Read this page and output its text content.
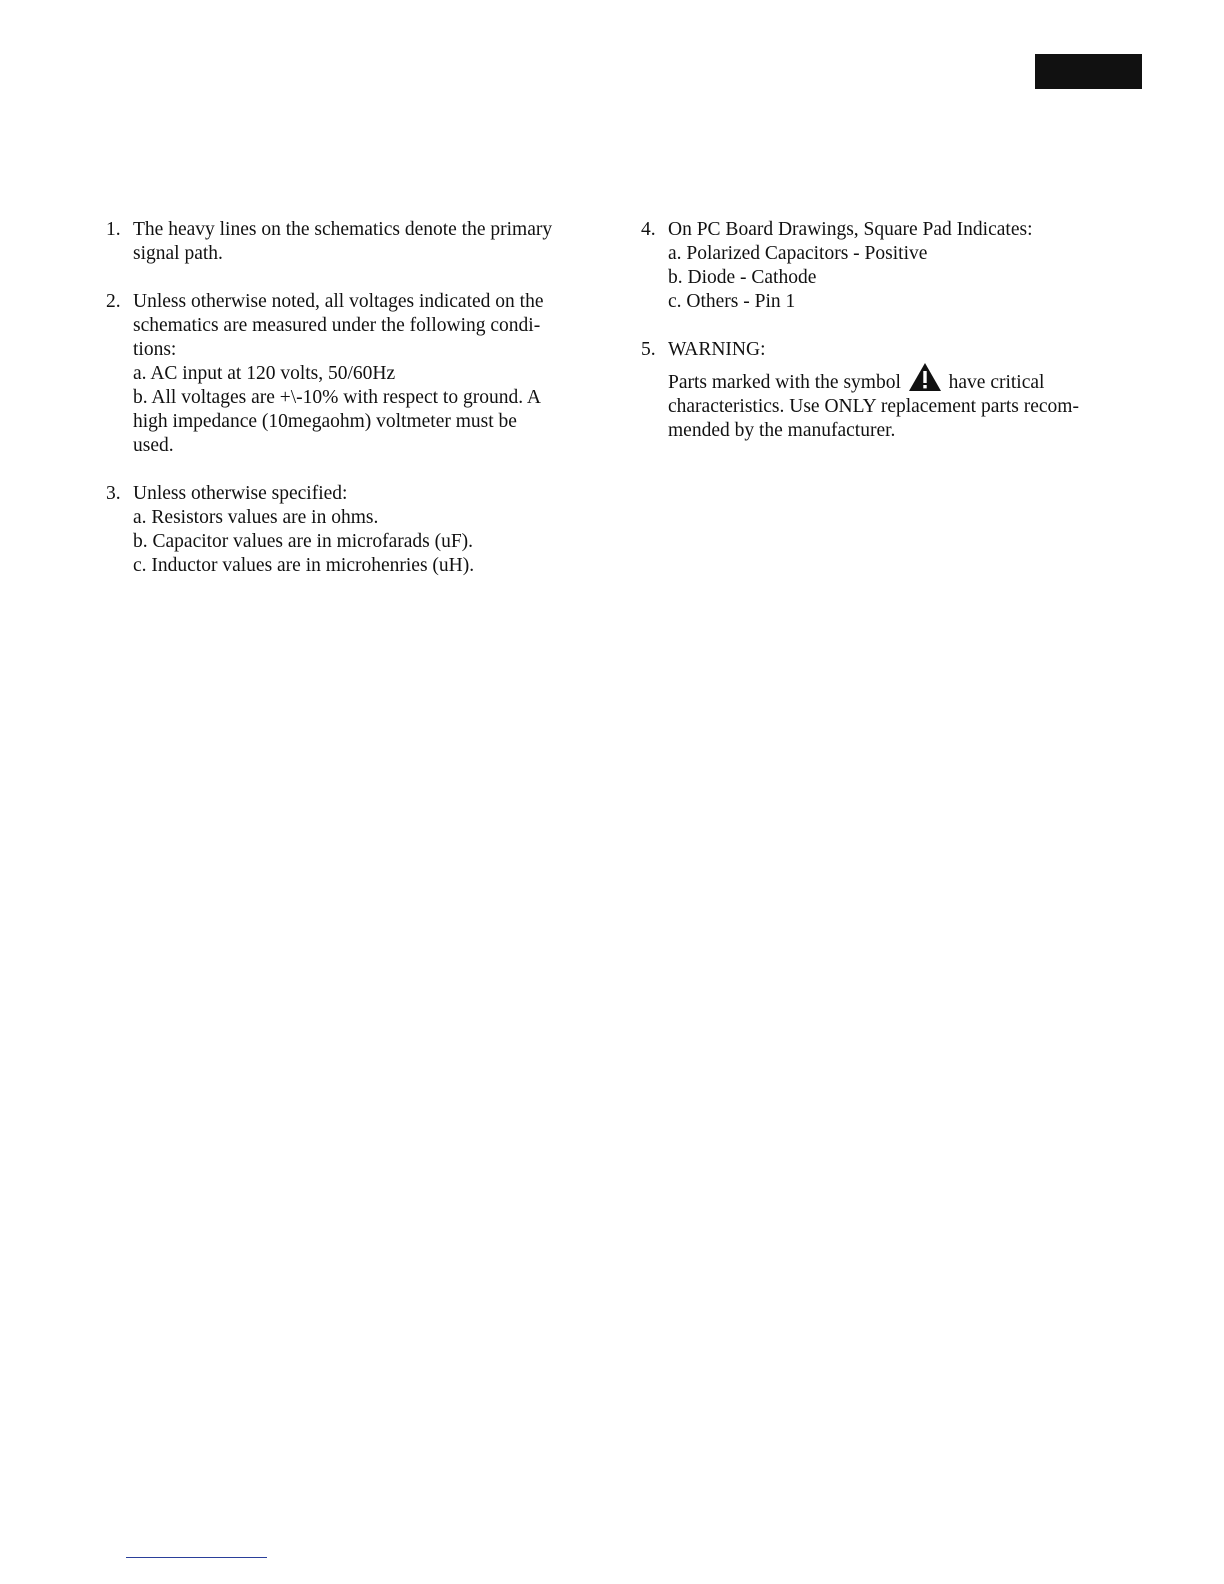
1. The heavy lines on the schematics denote the primary
signal path.
2. Unless otherwise noted, all voltages indicated on the
schematics are measured under the following condi-
tions:
a. AC input at 120 volts, 50/60Hz
b. All voltages are +\-10% with respect to ground. A
high impedance (10megaohm) voltmeter must be
used.
3. Unless otherwise specified:
a. Resistors values are in ohms.
b. Capacitor values are in microfarads (uF).
c. Inductor values are in microhenries (uH).
4. On PC Board Drawings, Square Pad Indicates:
a. Polarized Capacitors - Positive
b. Diode - Cathode
c. Others - Pin 1
5. WARNING:
Parts marked with the symbol  have critical
characteristics. Use ONLY replacement parts recom-
mended by the manufacturer.
